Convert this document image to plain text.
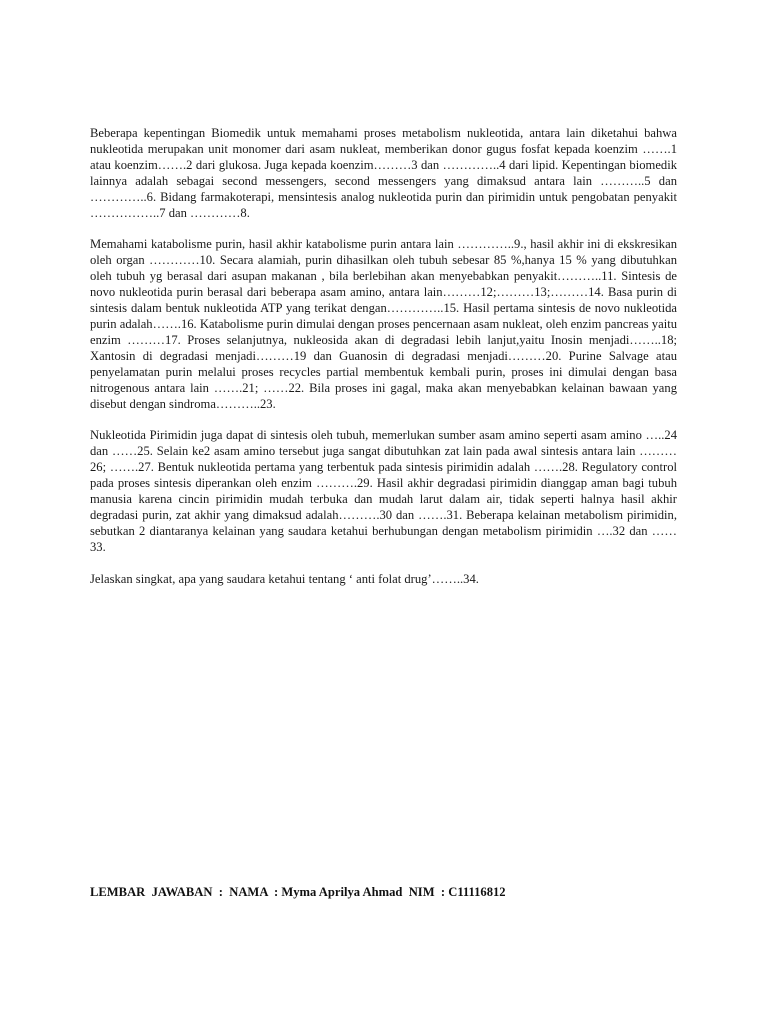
Beberapa kepentingan Biomedik untuk memahami proses metabolism nukleotida, antara lain diketahui bahwa nukleotida merupakan unit monomer dari asam nukleat, memberikan donor gugus fosfat kepada koenzim …….1 atau koenzim…….2 dari glukosa. Juga kepada koenzim………3 dan …………..4 dari lipid. Kepentingan biomedik lainnya adalah sebagai second messengers, second messengers yang dimaksud antara lain ………..5 dan …………..6. Bidang farmakoterapi, mensintesis analog nukleotida purin dan pirimidin untuk pengobatan penyakit ……………..7 dan …………8.

Memahami katabolisme purin, hasil akhir katabolisme purin antara lain …………..9., hasil akhir ini di ekskresikan oleh organ …………10. Secara alamiah, purin dihasilkan oleh tubuh sebesar 85 %,hanya 15 % yang dibutuhkan oleh tubuh yg berasal dari asupan makanan , bila berlebihan akan menyebabkan penyakit………..11. Sintesis de novo nukleotida purin berasal dari beberapa asam amino, antara lain………12;………13;………14. Basa purin di sintesis dalam bentuk nukleotida ATP yang terikat dengan…………..15. Hasil pertama sintesis de novo nukleotida purin adalah…….16. Katabolisme purin dimulai dengan proses pencernaan asam nukleat, oleh enzim pancreas yaitu enzim ………17. Proses selanjutnya, nukleosida akan di degradasi lebih lanjut,yaitu Inosin menjadi……..18; Xantosin di degradasi menjadi………19 dan Guanosin di degradasi menjadi………20. Purine Salvage atau penyelamatan purin melalui proses recycles partial membentuk kembali purin, proses ini dimulai dengan basa nitrogenous antara lain …….21; ……22. Bila proses ini gagal, maka akan menyebabkan kelainan bawaan yang disebut dengan sindroma………..23.

Nukleotida Pirimidin juga dapat di sintesis oleh tubuh, memerlukan sumber asam amino seperti asam amino …..24 dan ……25. Selain ke2 asam amino tersebut juga sangat dibutuhkan zat lain pada awal sintesis antara lain ………26; …….27. Bentuk nukleotida pertama yang terbentuk pada sintesis pirimidin adalah …….28. Regulatory control pada proses sintesis diperankan oleh enzim ……….29. Hasil akhir degradasi pirimidin dianggap aman bagi tubuh manusia karena cincin pirimidin mudah terbuka dan mudah larut dalam air, tidak seperti halnya hasil akhir degradasi purin, zat akhir yang dimaksud adalah……….30 dan …….31. Beberapa kelainan metabolism pirimidin, sebutkan 2 diantaranya kelainan yang saudara ketahui berhubungan dengan metabolism pirimidin ….32 dan ……33.

Jelaskan singkat, apa yang saudara ketahui tentang ‘ anti folat drug’……..34.

LEMBAR  JAWABAN  :  NAMA  : Myma Aprilya Ahmad  NIM  : C11116812
